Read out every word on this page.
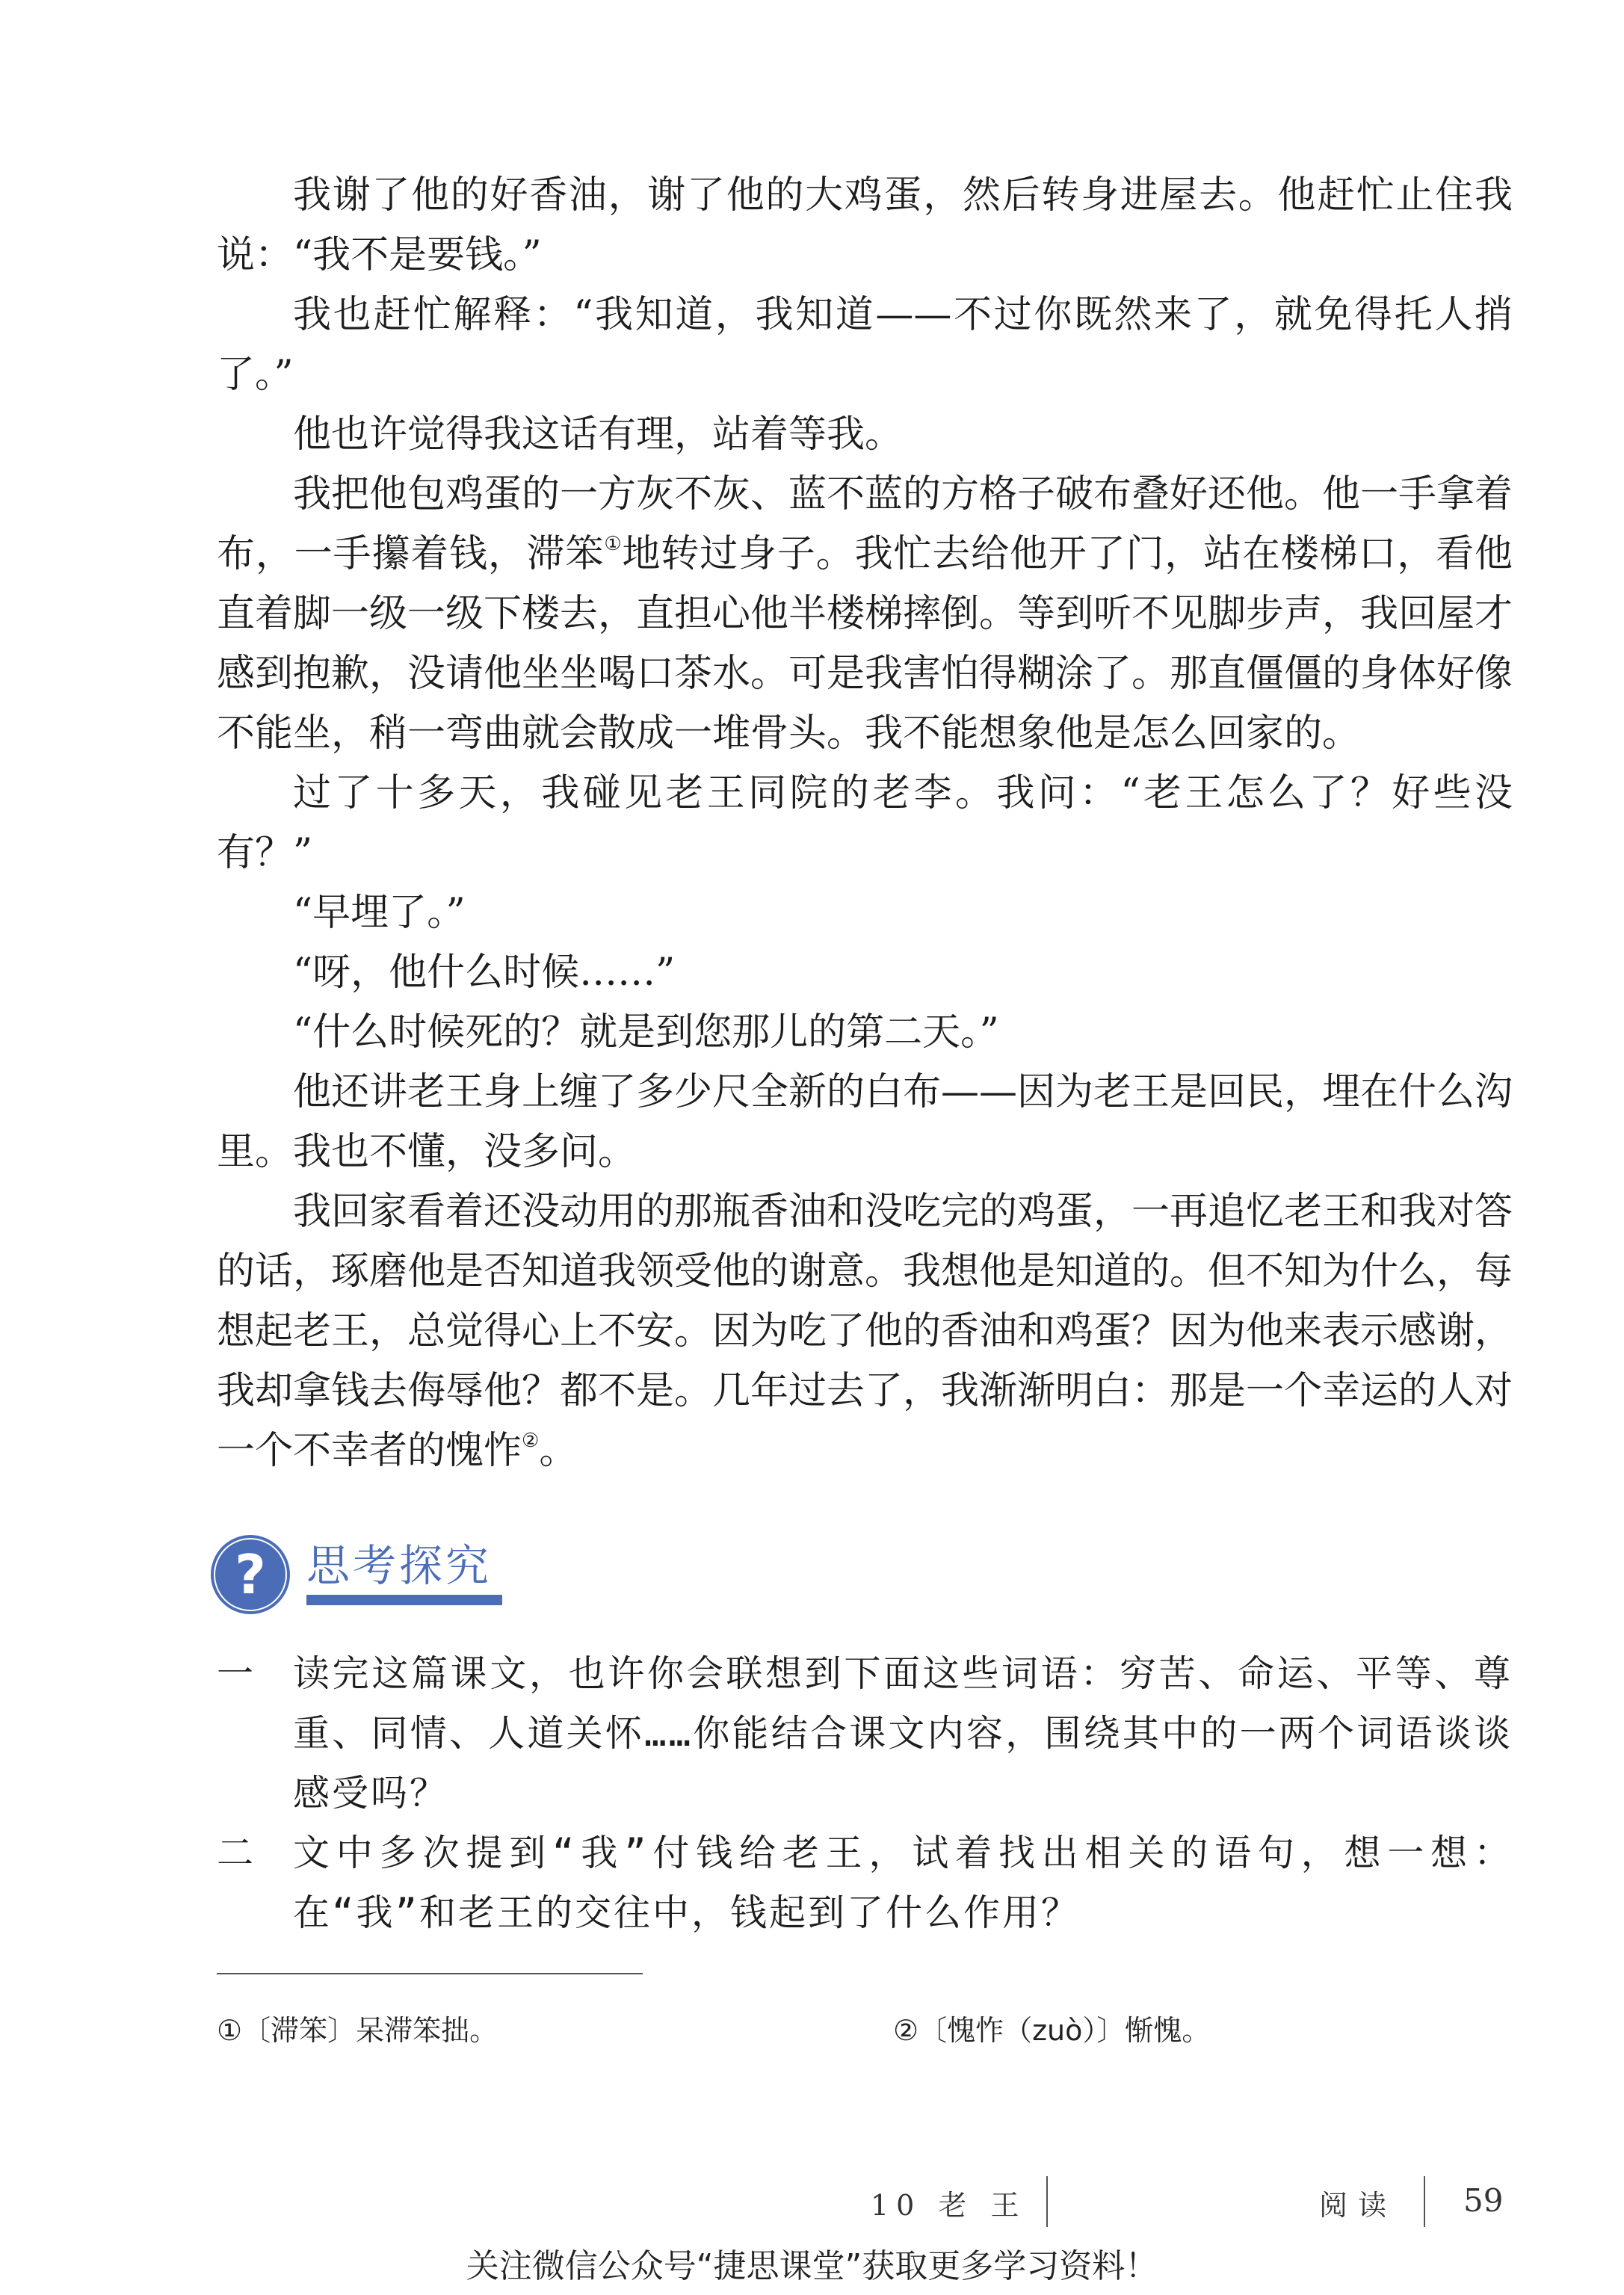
我谢了他的好香油，谢了他的大鸡蛋，然后转身进屋去。他赶忙止住我说：“我不是要钱。”

我也赶忙解释：“我知道，我知道——不过你既然来了，就免得托人捎了。”

他也许觉得我这话有理，站着等我。

我把他包鸡蛋的一方灰不灰、蓝不蓝的方格子破布叠好还他。他一手拿着布，一手攥着钱，滞笨①地转过身子。我忙去给他开了门，站在楼梯口，看他直着脚一级一级下楼去，直担心他半楼梯摔倒。等到听不见脚步声，我回屋才感到抱歉，没请他坐坐喝口茶水。可是我害怕得糊涂了。那直僵僵的身体好像不能坐，稍一弯曲就会散成一堆骨头。我不能想象他是怎么回家的。

过了十多天，我碰见老王同院的老李。我问：“老王怎么了？好些没有？”

“早埋了。”

“呀，他什么时候……”

“什么时候死的？就是到您那儿的第二天。”

他还讲老王身上缠了多少尺全新的白布——因为老王是回民，埋在什么沟里。我也不懂，没多问。

我回家看着还没动用的那瓶香油和没吃完的鸡蛋，一再追忆老王和我对答的话，琢磨他是否知道我领受他的谢意。我想他是知道的。但不知为什么，每想起老王，总觉得心上不安。因为吃了他的香油和鸡蛋？因为他来表示感谢，我却拿钱去侮辱他？都不是。几年过去了，我渐渐明白：那是一个幸运的人对一个不幸者的愧怍②。

? 思考探究
一 读完这篇课文，也许你会联想到下面这些词语：穷苦、命运、平等、尊重、同情、人道关怀……你能结合课文内容，围绕其中的一两个词语谈谈感受吗？
二 文中多次提到“我”付钱给老王，试着找出相关的语句，想一想：在“我”和老王的交往中，钱起到了什么作用？
①〔滞笨〕呆滞笨拙。	②〔愧怍（zuò）〕惭愧。
10 老 王	阅读 59
关注微信公众号“捷思课堂”获取更多学习资料！
